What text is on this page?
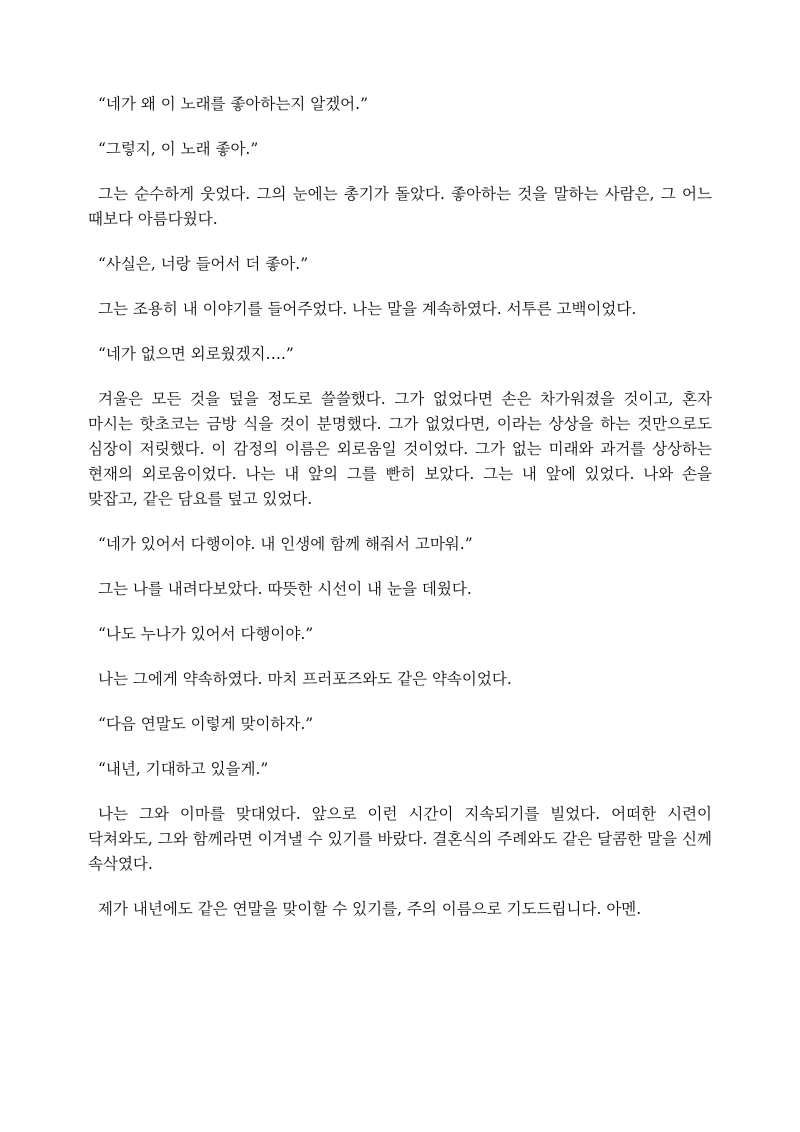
“네가 왜 이 노래를 좋아하는지 알겠어.”

“그렇지, 이 노래 좋아.”

그는 순수하게 웃었다. 그의 눈에는 총기가 돌았다. 좋아하는 것을 말하는 사람은, 그 어느 때보다 아름다웠다.

“사실은, 너랑 들어서 더 좋아.”

그는 조용히 내 이야기를 들어주었다. 나는 말을 계속하였다. 서투른 고백이었다.

“네가 없으면 외로웠겠지….”

겨울은 모든 것을 덮을 정도로 쓸쓸했다. 그가 없었다면 손은 차가워졌을 것이고, 혼자 마시는 핫초코는 금방 식을 것이 분명했다. 그가 없었다면, 이라는 상상을 하는 것만으로도 심장이 저릿했다. 이 감정의 이름은 외로움일 것이었다. 그가 없는 미래와 과거를 상상하는 현재의 외로움이었다. 나는 내 앞의 그를 빤히 보았다. 그는 내 앞에 있었다. 나와 손을 맞잡고, 같은 담요를 덮고 있었다.

“네가 있어서 다행이야. 내 인생에 함께 해줘서 고마워.”

그는 나를 내려다보았다. 따뜻한 시선이 내 눈을 데웠다.

“나도 누나가 있어서 다행이야.”

나는 그에게 약속하였다. 마치 프러포즈와도 같은 약속이었다.

“다음 연말도 이렇게 맞이하자.”

“내년, 기대하고 있을게.”

나는 그와 이마를 맞대었다. 앞으로 이런 시간이 지속되기를 빌었다. 어떠한 시련이 닥쳐와도, 그와 함께라면 이겨낼 수 있기를 바랐다. 결혼식의 주례와도 같은 달콤한 말을 신께 속삭였다.

제가 내년에도 같은 연말을 맞이할 수 있기를, 주의 이름으로 기도드립니다. 아멘.
